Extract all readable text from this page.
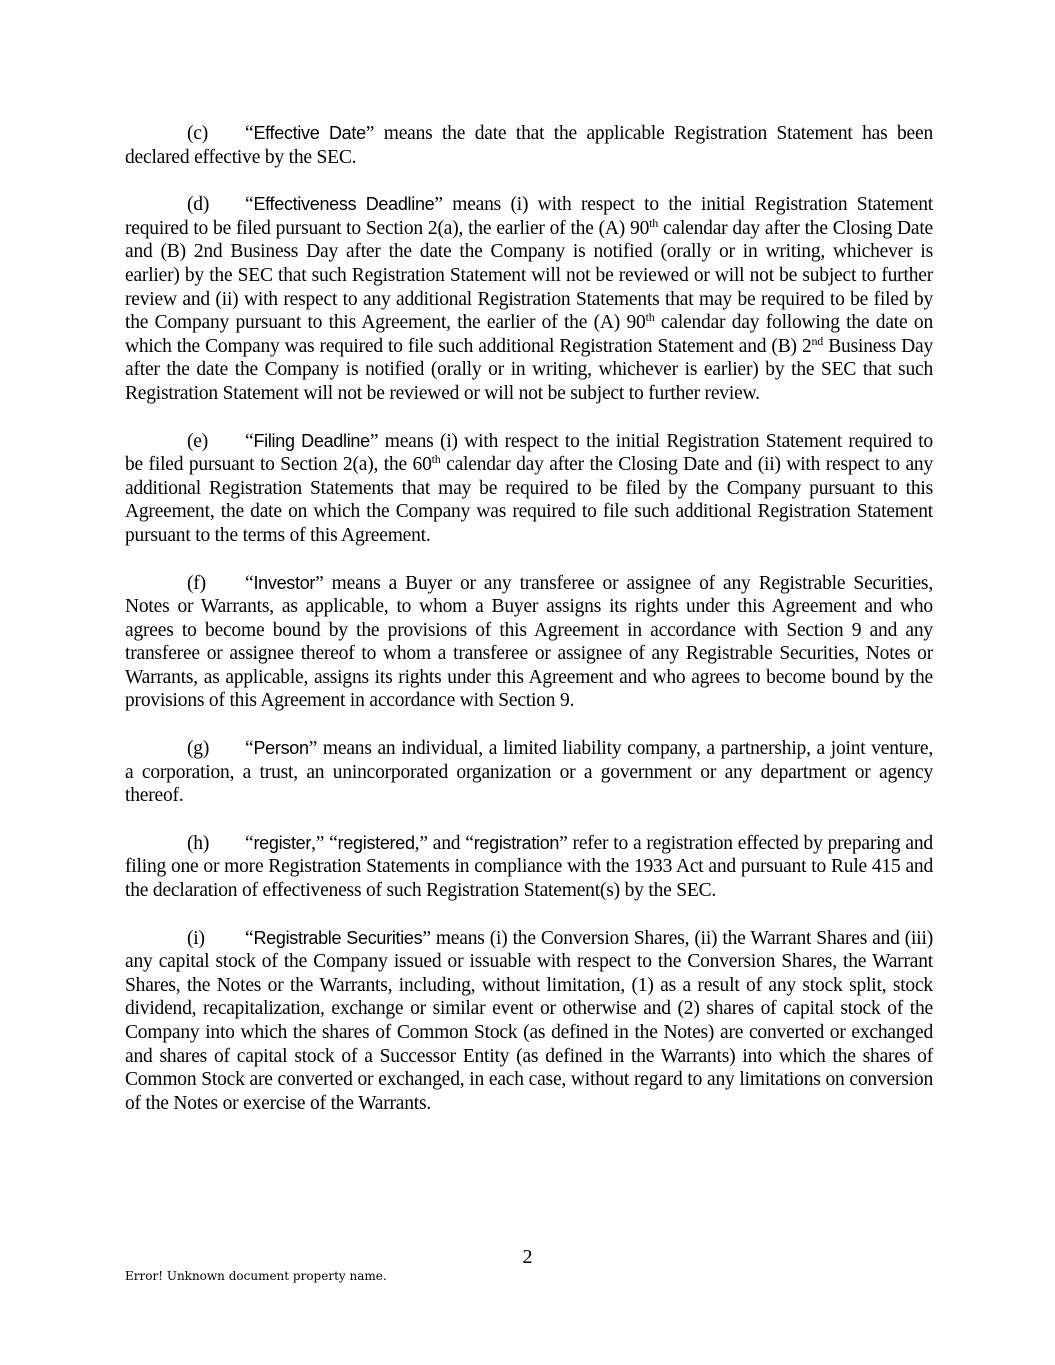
(c) “Effective Date” means the date that the applicable Registration Statement has been declared effective by the SEC.

(d) “Effectiveness Deadline” means (i) with respect to the initial Registration Statement required to be filed pursuant to Section 2(a), the earlier of the (A) 90th calendar day after the Closing Date and (B) 2nd Business Day after the date the Company is notified (orally or in writing, whichever is earlier) by the SEC that such Registration Statement will not be reviewed or will not be subject to further review and (ii) with respect to any additional Registration Statements that may be required to be filed by the Company pursuant to this Agreement, the earlier of the (A) 90th calendar day following the date on which the Company was required to file such additional Registration Statement and (B) 2nd Business Day after the date the Company is notified (orally or in writing, whichever is earlier) by the SEC that such Registration Statement will not be reviewed or will not be subject to further review.

(e) “Filing Deadline” means (i) with respect to the initial Registration Statement required to be filed pursuant to Section 2(a), the 60th calendar day after the Closing Date and (ii) with respect to any additional Registration Statements that may be required to be filed by the Company pursuant to this Agreement, the date on which the Company was required to file such additional Registration Statement pursuant to the terms of this Agreement.

(f) “Investor” means a Buyer or any transferee or assignee of any Registrable Securities, Notes or Warrants, as applicable, to whom a Buyer assigns its rights under this Agreement and who agrees to become bound by the provisions of this Agreement in accordance with Section 9 and any transferee or assignee thereof to whom a transferee or assignee of any Registrable Securities, Notes or Warrants, as applicable, assigns its rights under this Agreement and who agrees to become bound by the provisions of this Agreement in accordance with Section 9.

(g) “Person” means an individual, a limited liability company, a partnership, a joint venture, a corporation, a trust, an unincorporated organization or a government or any department or agency thereof.

(h) “register,” “registered,” and “registration” refer to a registration effected by preparing and filing one or more Registration Statements in compliance with the 1933 Act and pursuant to Rule 415 and the declaration of effectiveness of such Registration Statement(s) by the SEC.

(i) “Registrable Securities” means (i) the Conversion Shares, (ii) the Warrant Shares and (iii) any capital stock of the Company issued or issuable with respect to the Conversion Shares, the Warrant Shares, the Notes or the Warrants, including, without limitation, (1) as a result of any stock split, stock dividend, recapitalization, exchange or similar event or otherwise and (2) shares of capital stock of the Company into which the shares of Common Stock (as defined in the Notes) are converted or exchanged and shares of capital stock of a Successor Entity (as defined in the Warrants) into which the shares of Common Stock are converted or exchanged, in each case, without regard to any limitations on conversion of the Notes or exercise of the Warrants.

2
Error! Unknown document property name.
